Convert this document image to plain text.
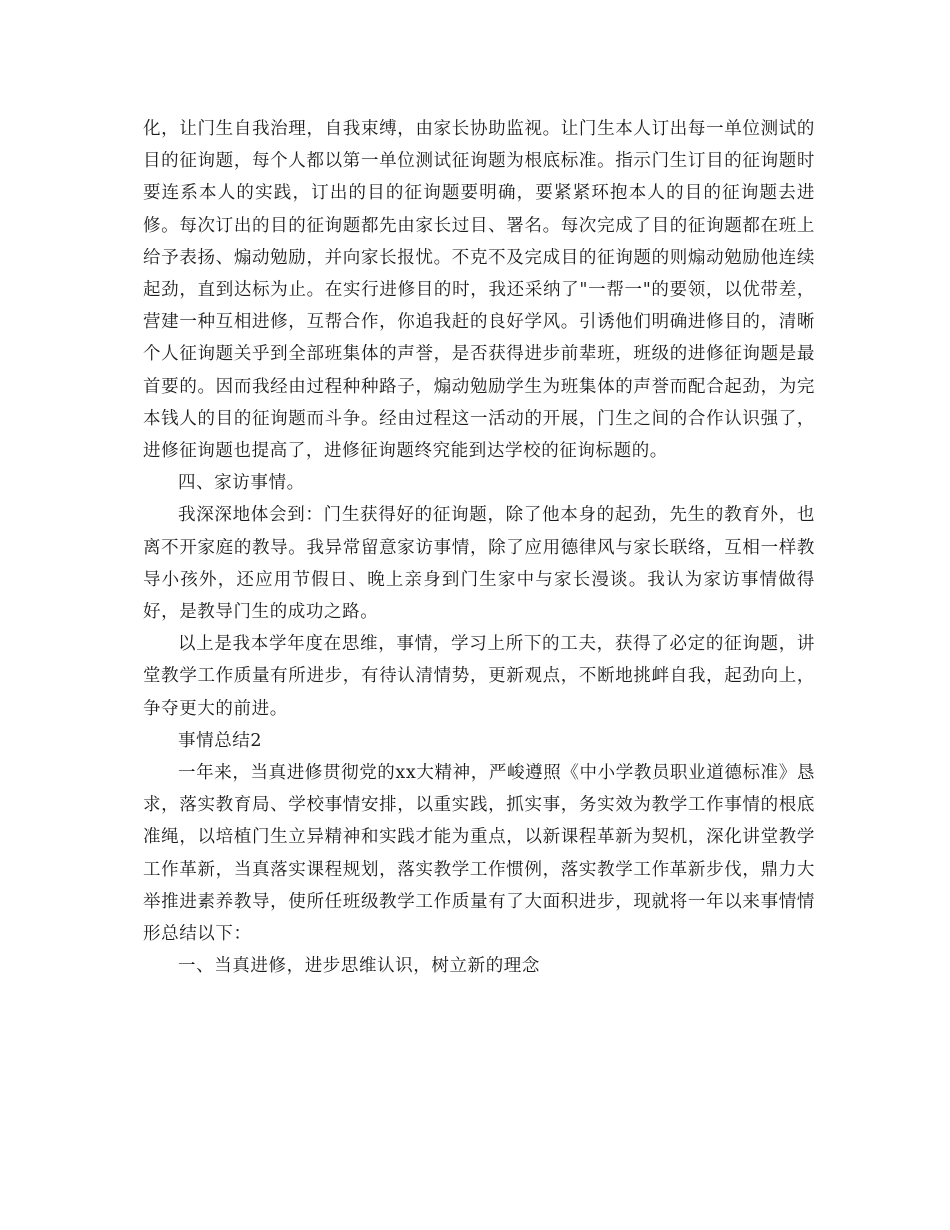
化，让门生自我治理，自我束缚，由家长协助监视。让门生本人订出每一单位测试的目的征询题，每个人都以第一单位测试征询题为根底标准。指示门生订目的征询题时要连系本人的实践，订出的目的征询题要明确，要紧紧环抱本人的目的征询题去进修。每次订出的目的征询题都先由家长过目、署名。每次完成了目的征询题都在班上给予表扬、煽动勉励，并向家长报忧。不克不及完成目的征询题的则煽动勉励他连续起劲，直到达标为止。在实行进修目的时，我还采纳了"一帮一"的要领，以优带差，营建一种互相进修，互帮合作，你追我赶的良好学风。引诱他们明确进修目的，清晰个人征询题关乎到全部班集体的声誉，是否获得进步前辈班，班级的进修征询题是最首要的。因而我经由过程种种路子，煽动勉励学生为班集体的声誉而配合起劲，为完本钱人的目的征询题而斗争。经由过程这一活动的开展，门生之间的合作认识强了，进修征询题也提高了，进修征询题终究能到达学校的征询标题的。

四、家访事情。

我深深地体会到：门生获得好的征询题，除了他本身的起劲，先生的教育外，也离不开家庭的教导。我异常留意家访事情，除了应用德律风与家长联络，互相一样教导小孩外，还应用节假日、晚上亲身到门生家中与家长漫谈。我认为家访事情做得好，是教导门生的成功之路。

以上是我本学年度在思维，事情，学习上所下的工夫，获得了必定的征询题，讲堂教学工作质量有所进步，有待认清情势，更新观点，不断地挑衅自我，起劲向上，争夺更大的前进。

事情总结2

一年来，当真进修贯彻党的xx大精神，严峻遵照《中小学教员职业道德标准》恳求，落实教育局、学校事情安排，以重实践，抓实事，务实效为教学工作事情的根底准绳，以培植门生立异精神和实践才能为重点，以新课程革新为契机，深化讲堂教学工作革新，当真落实课程规划，落实教学工作惯例，落实教学工作革新步伐，鼎力大举推进素养教导，使所任班级教学工作质量有了大面积进步，现就将一年以来事情情形总结以下：

一、当真进修，进步思维认识，树立新的理念
